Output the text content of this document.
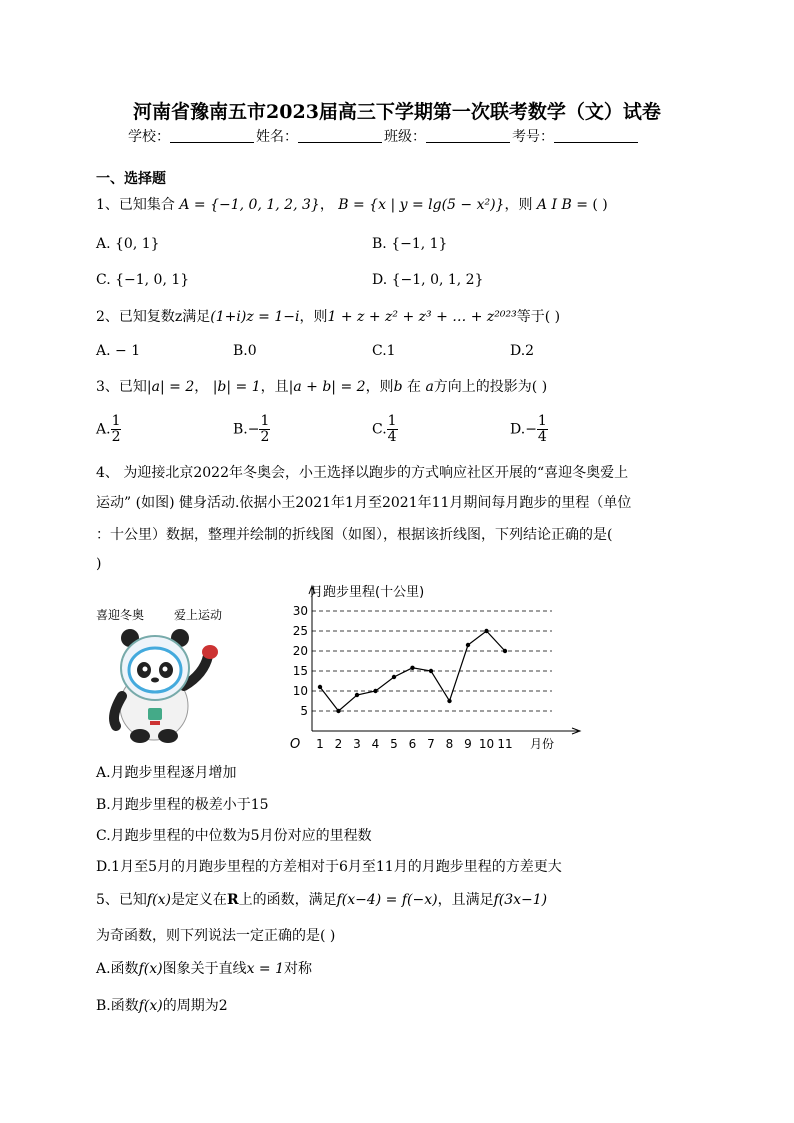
河南省豫南五市2023届高三下学期第一次联考数学（文）试卷
学校：	姓名：	班级：	考号：
一、选择题
1、已知集合 A = {−1, 0, 1, 2, 3}， B = {x | y = lg(5 − x²)}，则 A I B = ( )
A. {0, 1}	B. {−1, 1}
C. {−1, 0, 1}	D. {−1, 0, 1, 2}
2、已知复数z满足(1+i)z = 1−i，则1 + z + z² + z³ + … + z²⁰²³等于( )
A. − 1	B.0	C.1	D.2
3、已知|a| = 2， |b| = 1，且|a + b| = 2，则b 在 a方向上的投影为( )
A. $\frac{1}{2}$	$B.- \frac{1}{2}$	C. $\frac{1}{4}$	$D.- \frac{1}{4}$
4、 为迎接北京2022年冬奥会，小王选择以跑步的方式响应社区开展的“喜迎冬奥爱上
运动” (如图) 健身活动.依据小王2021年1月至2021年11月期间每月跑步的里程（单位
：十公里）数据，整理并绘制的折线图（如图），根据该折线图，下列结论正确的是(
)
喜迎冬奥 爱上运动
5
10
15
20
25
30
月跑步里程(十公里)
月份
O 1 2 3 4 5 6 7 8 9 10 11
A.月跑步里程逐月增加
B.月跑步里程的极差小于15
C.月跑步里程的中位数为5月份对应的里程数
D.1月至5月的月跑步里程的方差相对于6月至11月的月跑步里程的方差更大
5、已知f(x)是定义在R上的函数，满足f(x−4) = f(−x)，且满足f(3x−1)
为奇函数，则下列说法一定正确的是( )
A.函数f(x)图象关于直线x = 1对称
B.函数f(x)的周期为2
